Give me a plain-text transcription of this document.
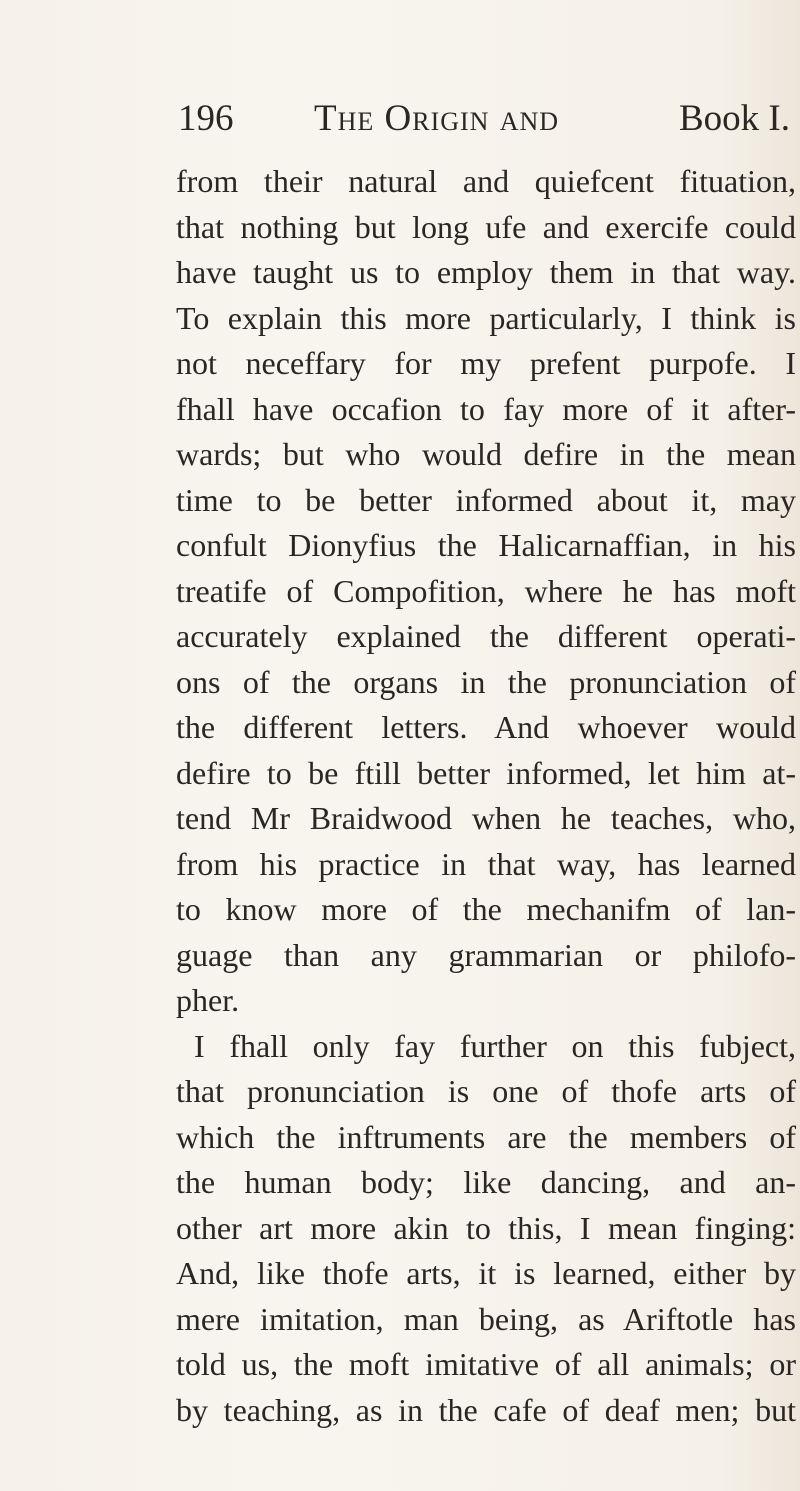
196 The Origin and	Book I.
from their natural and quiefcent fituation,
that nothing but long ufe and exercife could
have taught us to employ them in that way.
To explain this more particularly, I think is
not neceffary for my prefent purpofe. I
fhall have occafion to fay more of it after-
wards; but who would defire in the mean
time to be better informed about it, may
confult Dionyfius the Halicarnaffian, in his
treatife of Compofition, where he has moft
accurately explained the different operati-
ons of the organs in the pronunciation of
the different letters. And whoever would
defire to be ftill better informed, let him at-
tend Mr Braidwood when he teaches, who,
from his practice in that way, has learned
to know more of the mechanifm of lan-
guage than any grammarian or philofo-
pher.
I fhall only fay further on this fubject,
that pronunciation is one of thofe arts of
which the inftruments are the members of
the human body; like dancing, and an-
other art more akin to this, I mean finging:
And, like thofe arts, it is learned, either by
mere imitation, man being, as Ariftotle has
told us, the moft imitative of all animals; or
by teaching, as in the cafe of deaf men; but
